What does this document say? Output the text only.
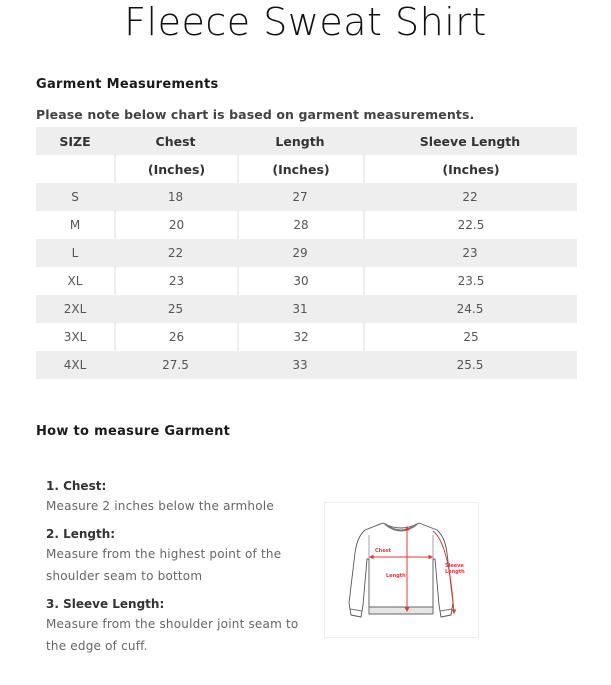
Fleece Sweat Shirt
Garment Measurements
Please note below chart is based on garment measurements.
SIZE	Chest	Length	Sleeve Length
	(Inches)	(Inches)	(Inches)
S	18	27	22
M	20	28	22.5
L	22	29	23
XL	23	30	23.5
2XL	25	31	24.5
3XL	26	32	25
4XL	27.5	33	25.5
How to measure Garment
1. Chest:
Measure 2 inches below the armhole
2. Length:
Measure from the highest point of the shoulder seam to bottom
3. Sleeve Length:
Measure from the shoulder joint seam to the edge of cuff.
Chest
Length
Sleeve
Length
